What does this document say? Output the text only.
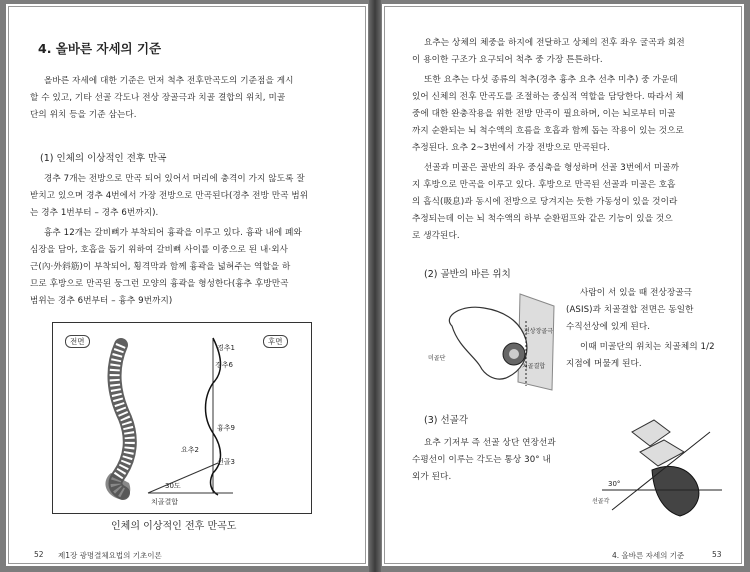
4. 올바른 자세의 기준
올바른 자세에 대한 기준은 먼저 척추 전후만곡도의 기준점을 게시
할 수 있고, 기타 선골 각도나 전상 장골극과 치골 결합의 위치, 미골
단의 위치 등을 기준 삼는다.
(1) 인체의 이상적인 전후 만곡
경추 7개는 전방으로 만곡 되어 있어서 머리에 충격이 가지 않도록 잘
받치고 있으며 경추 4번에서 가장 전방으로 만곡된다(경추 전방 만곡 범위
는 경추 1번부터 – 경추 6번까지).
흉추 12개는 갈비뼈가 부착되어 흉곽을 이루고 있다. 흉곽 내에 폐와
심장을 담아, 호흡을 돕기 위하여 갈비뼈 사이를 이중으로 된 내·외사
근(內·外斜筋)이 부착되어, 횡격막과 함께 흉곽을 넓혀주는 역할을 하
므로 후방으로 만곡된 둥그런 모양의 흉곽을 형성한다(흉추 후방만곡
범위는 경추 6번부터 – 흉추 9번까지)
전면	후면
경추1
경추6
흉추9
요추2
선골3
30도
치골결합
인체의 이상적인 전후 만곡도
52 제1장 광명결체요법의 기초이론
요추는 상체의 체중을 하지에 전달하고 상체의 전후 좌우 굴곡과 회전
이 용이한 구조가 요구되어 척추 중 가장 튼튼하다.
또한 요추는 다섯 종류의 척추(경추 흉추 요추 선추 미추) 중 가운데
있어 신체의 전후 만곡도를 조절하는 중심적 역할을 담당한다. 따라서 체
중에 대한 완충작용을 위한 전방 만곡이 필요하며, 이는 뇌로부터 미골
까지 순환되는 뇌 척수액의 흐름을 호흡과 함께 돕는 작용이 있는 것으로
추정된다. 요추 2~3번에서 가장 전방으로 만곡된다.
선골과 미골은 골반의 좌우 중심축을 형성하며 선골 3번에서 미골까
지 후방으로 만곡을 이루고 있다. 후방으로 만곡된 선골과 미골은 호흡
의 흡식(吸息)과 동시에 전방으로 당겨지는 듯한 가동성이 있을 것이라
추정되는데 이는 뇌 척수액의 하부 순환펌프와 같은 기능이 있을 것으
로 생각된다.
(2) 골반의 바른 위치
전상장골극
미골단
치골결합
사람이 서 있을 때 전상장골극
(ASIS)과 치골결합 전면은 동일한
수직선상에 있게 된다.
이때 미골단의 위치는 치골체의 1/2
지점에 머물게 된다.
(3) 선골각
요추 기저부 즉 선골 상단 연장선과
수평선이 이루는 각도는 통상 30° 내
외가 된다.
30°
선골각
4. 올바른 자세의 기준	53
